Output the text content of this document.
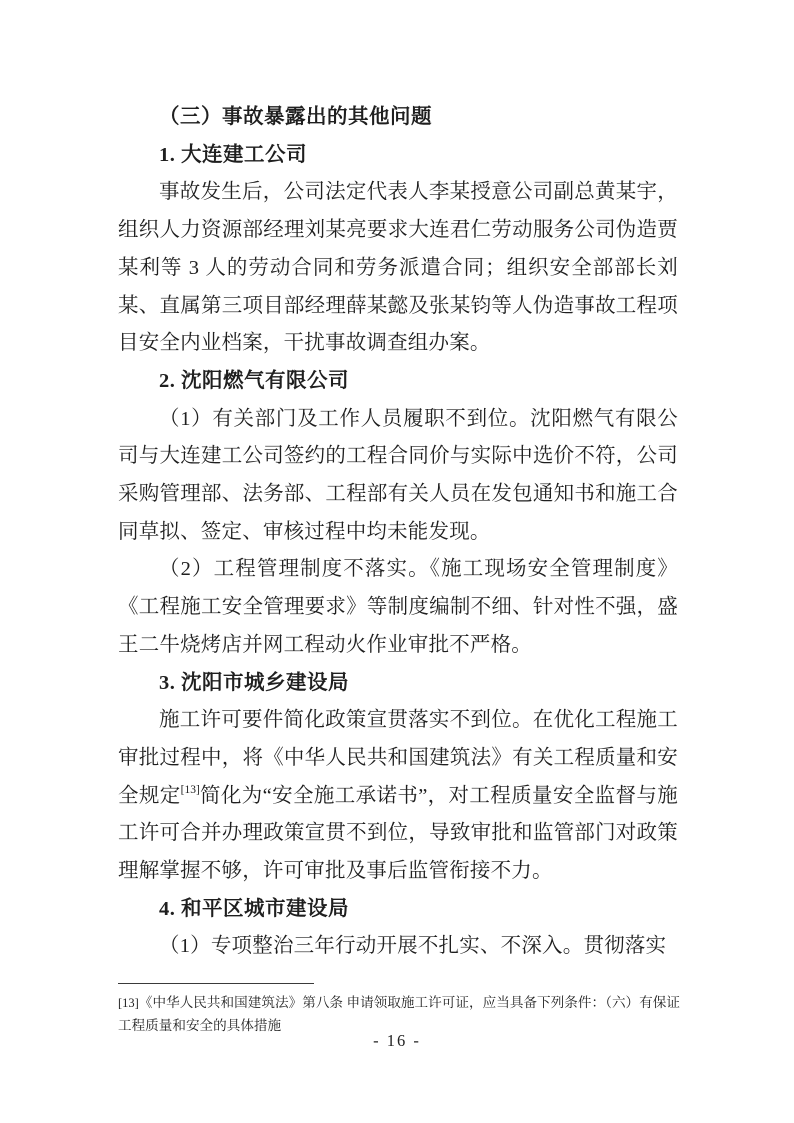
（三）事故暴露出的其他问题
1. 大连建工公司

事故发生后，公司法定代表人李某授意公司副总黄某宇，组织人力资源部经理刘某亮要求大连君仁劳动服务公司伪造贾某利等 3 人的劳动合同和劳务派遣合同；组织安全部部长刘某、直属第三项目部经理薛某懿及张某钧等人伪造事故工程项目安全内业档案，干扰事故调查组办案。

2. 沈阳燃气有限公司

（1）有关部门及工作人员履职不到位。沈阳燃气有限公司与大连建工公司签约的工程合同价与实际中选价不符，公司采购管理部、法务部、工程部有关人员在发包通知书和施工合同草拟、签定、审核过程中均未能发现。

（2）工程管理制度不落实。《施工现场安全管理制度》《工程施工安全管理要求》等制度编制不细、针对性不强，盛王二牛烧烤店并网工程动火作业审批不严格。

3. 沈阳市城乡建设局

施工许可要件简化政策宣贯落实不到位。在优化工程施工审批过程中，将《中华人民共和国建筑法》有关工程质量和安全规定[13]简化为“安全施工承诺书”，对工程质量安全监督与施工许可合并办理政策宣贯不到位，导致审批和监管部门对政策理解掌握不够，许可审批及事后监管衔接不力。

4. 和平区城市建设局

（1）专项整治三年行动开展不扎实、不深入。贯彻落实

[13]《中华人民共和国建筑法》第八条 申请领取施工许可证，应当具备下列条件：（六）有保证工程质量和安全的具体措施

- 16 -
